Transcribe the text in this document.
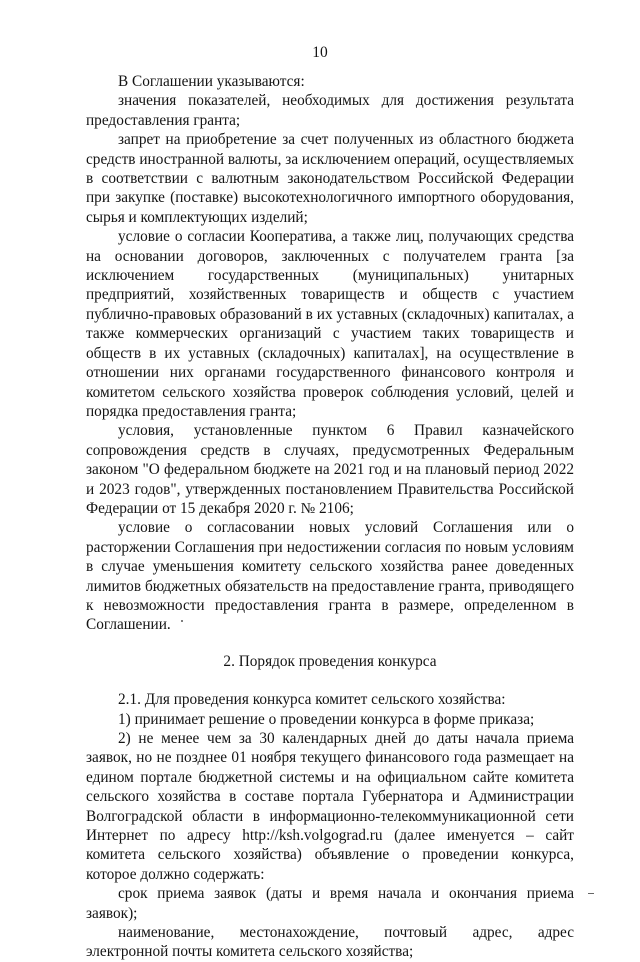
10

В Соглашении указываются:

значения показателей, необходимых для достижения результата предоставления гранта;

запрет на приобретение за счет полученных из областного бюджета средств иностранной валюты, за исключением операций, осуществляемых в соответствии с валютным законодательством Российской Федерации при закупке (поставке) высокотехнологичного импортного оборудования, сырья и комплектующих изделий;

условие о согласии Кооператива, а также лиц, получающих средства на основании договоров, заключенных с получателем гранта [за исключением государственных (муниципальных) унитарных предприятий, хозяйственных товариществ и обществ с участием публично-правовых образований в их уставных (складочных) капиталах, а также коммерческих организаций с участием таких товариществ и обществ в их уставных (складочных) капиталах], на осуществление в отношении них органами государственного финансового контроля и комитетом сельского хозяйства проверок соблюдения условий, целей и порядка предоставления гранта;

условия, установленные пунктом 6 Правил казначейского сопровождения средств в случаях, предусмотренных Федеральным законом "О федеральном бюджете на 2021 год и на плановый период 2022 и 2023 годов", утвержденных постановлением Правительства Российской Федерации от 15 декабря 2020 г. № 2106;

условие о согласовании новых условий Соглашения или о расторжении Соглашения при недостижении согласия по новым условиям в случае уменьшения комитету сельского хозяйства ранее доведенных лимитов бюджетных обязательств на предоставление гранта, приводящего к невозможности предоставления гранта в размере, определенном в Соглашении.

2. Порядок проведения конкурса

2.1. Для проведения конкурса комитет сельского хозяйства:

1) принимает решение о проведении конкурса в форме приказа;

2) не менее чем за 30 календарных дней до даты начала приема заявок, но не позднее 01 ноября текущего финансового года размещает на едином портале бюджетной системы и на официальном сайте комитета сельского хозяйства в составе портала Губернатора и Администрации Волгоградской области в информационно-телекоммуникационной сети Интернет по адресу http://ksh.volgograd.ru (далее именуется – сайт комитета сельского хозяйства) объявление о проведении конкурса, которое должно содержать:

срок приема заявок (даты и время начала и окончания приема заявок);

наименование, местонахождение, почтовый адрес, адрес электронной почты комитета сельского хозяйства;
